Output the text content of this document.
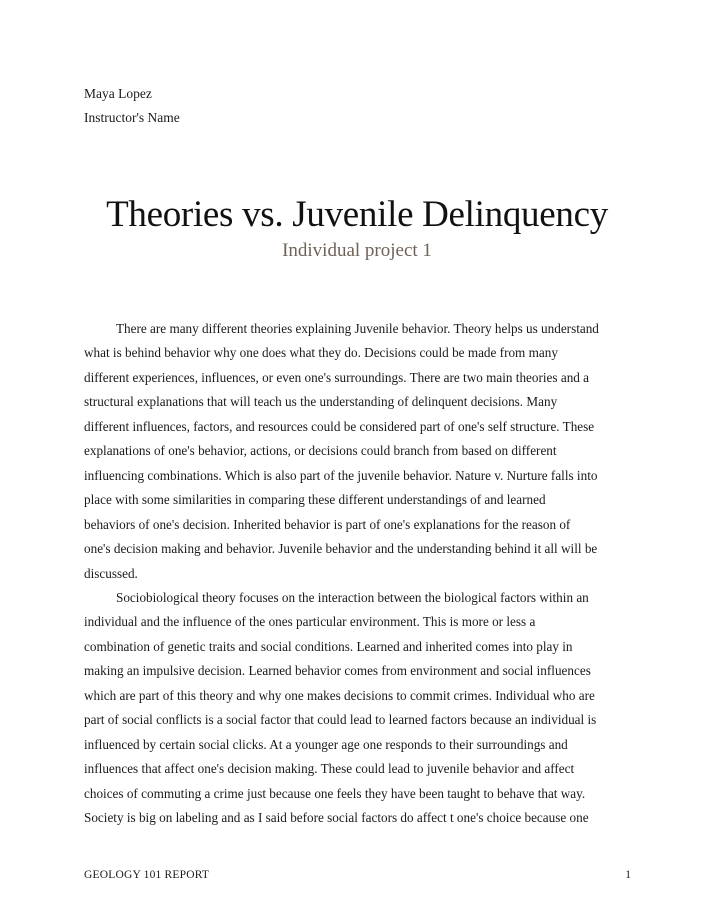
Maya Lopez
Instructor's Name
Theories vs. Juvenile Delinquency
Individual project 1
There are many different theories explaining Juvenile behavior. Theory helps us understand
what is behind behavior why one does what they do. Decisions could be made from many
different experiences, influences, or even one's surroundings. There are two main theories and a
structural explanations that will teach us the understanding of delinquent decisions. Many
different influences, factors, and resources could be considered part of one's self structure. These
explanations of one's behavior, actions, or decisions could branch from based on different
influencing combinations. Which is also part of the juvenile behavior. Nature v. Nurture falls into
place with some similarities in comparing these different understandings of and learned
behaviors of one's decision. Inherited behavior is part of one's explanations for the reason of
one's decision making and behavior. Juvenile behavior and the understanding behind it all will be
discussed.
Sociobiological theory focuses on the interaction between the biological factors within an
individual and the influence of the ones particular environment. This is more or less a
combination of genetic traits and social conditions. Learned and inherited comes into play in
making an impulsive decision. Learned behavior comes from environment and social influences
which are part of this theory and why one makes decisions to commit crimes. Individual who are
part of social conflicts is a social factor that could lead to learned factors because an individual is
influenced by certain social clicks. At a younger age one responds to their surroundings and
influences that affect one's decision making. These could lead to juvenile behavior and affect
choices of commuting a crime just because one feels they have been taught to behave that way.
Society is big on labeling and as I said before social factors do affect t one's choice because one
GEOLOGY 101 REPORT	1
